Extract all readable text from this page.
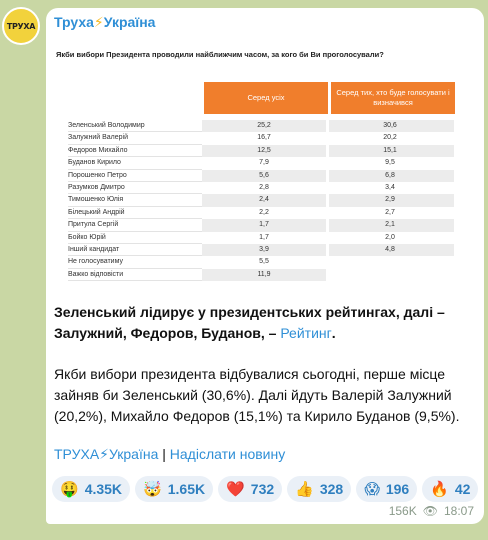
ТРУХА Труха⚡Україна
Якби вибори Президента проводили найближчим часом, за кого би Ви проголосували?
Серед усіх
Серед тих, хто буде голосувати і визначився
Зеленський Володимир	25,2	30,6
Залужний Валерій	16,7	20,2
Федоров Михайло	12,5	15,1
Буданов Кирило	7,9	9,5
Порошенко Петро	5,6	6,8
Разумков Дмитро	2,8	3,4
Тимошенко Юлія	2,4	2,9
Білецький Андрій	2,2	2,7
Притула Сергій	1,7	2,1
Бойко Юрій	1,7	2,0
Інший кандидат	3,9	4,8
Не голосуватиму	5,5
Важко відповісти	11,9
Зеленський лідирує у президентських рейтингах, далі – Залужний, Федоров, Буданов, – Рейтинг.
Якби вибори президента відбувалися сьогодні, перше місце зайняв би Зеленський (30,6%). Далі йдуть Валерій Залужний (20,2%), Михайло Федоров (15,1%) та Кирило Буданов (9,5%).
ТРУХА⚡Україна | Надіслати новину
🤑 4.35K 🤯 1.65K ❤️ 732 👍 328 😱 196 🔥 42
156K 👁 18:07
